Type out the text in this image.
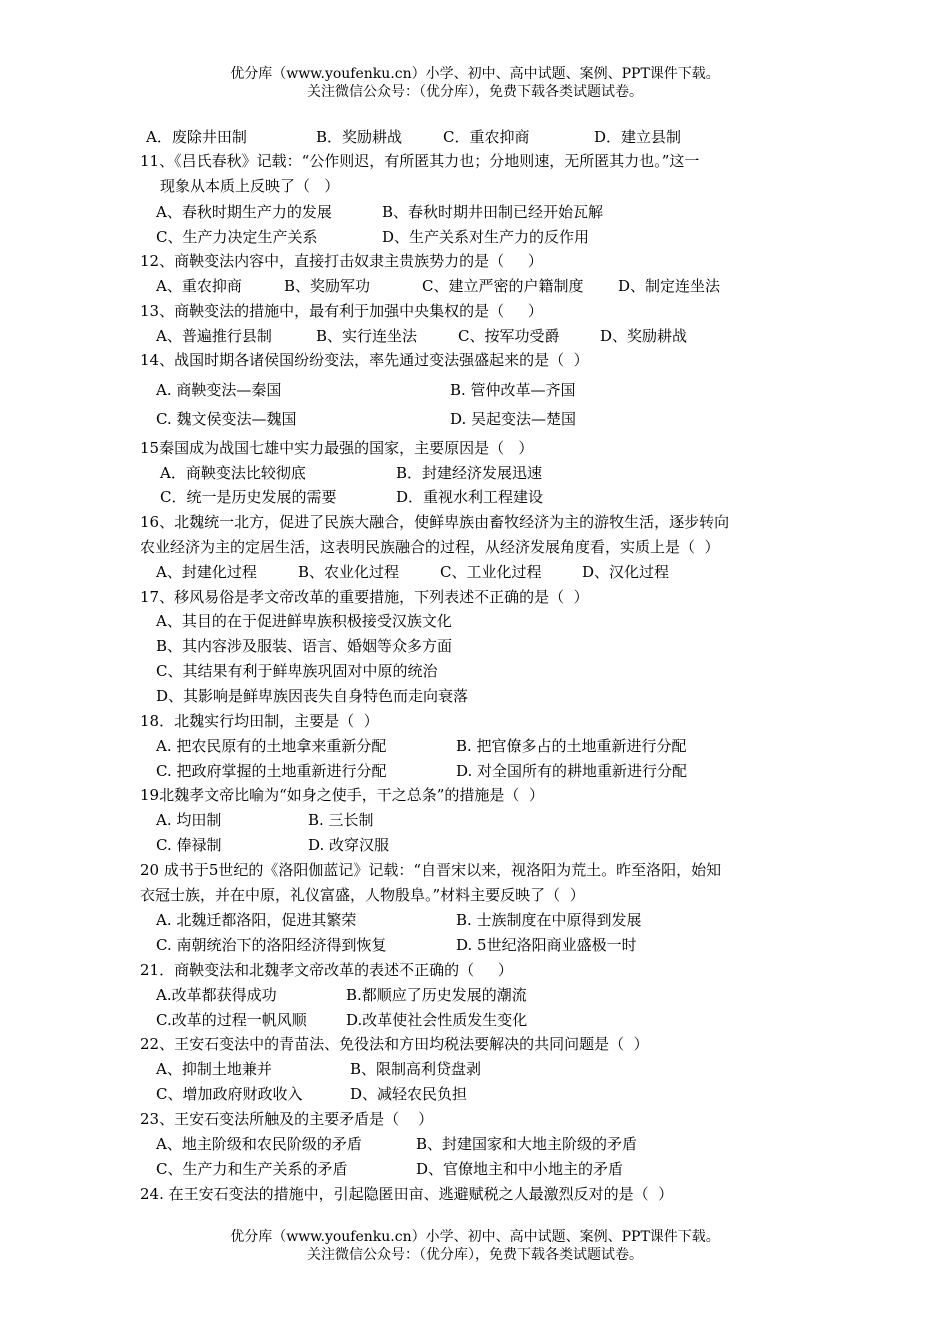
优分库（www.youfenku.cn）小学、初中、高中试题、案例、PPT课件下载。
关注微信公众号：（优分库），免费下载各类试题试卷。
A．废除井田制	B．奖励耕战	C．重农抑商	D．建立县制
11、《吕氏春秋》记载：“公作则迟，有所匿其力也；分地则速，无所匿其力也。”这一
现象从本质上反映了（   ）
A、春秋时期生产力的发展	B、春秋时期井田制已经开始瓦解
C、生产力决定生产关系	D、生产关系对生产力的反作用
12、商鞅变法内容中，直接打击奴隶主贵族势力的是（     ）
A、重农抑商	B、奖励军功	C、建立严密的户籍制度 D、制定连坐法
13、商鞅变法的措施中，最有利于加强中央集权的是（     ）
A、普遍推行县制	B、实行连坐法	C、按军功受爵	D、奖励耕战
14、战国时期各诸侯国纷纷变法，率先通过变法强盛起来的是（  ）
A. 商鞅变法—秦国	B. 管仲改革—齐国
C. 魏文侯变法—魏国	D. 吴起变法—楚国
15秦国成为战国七雄中实力最强的国家，主要原因是（   ）
A．商鞅变法比较彻底	B．封建经济发展迅速
C．统一是历史发展的需要	D．重视水利工程建设
16、北魏统一北方，促进了民族大融合，使鲜卑族由畜牧经济为主的游牧生活，逐步转向
农业经济为主的定居生活，这表明民族融合的过程，从经济发展角度看，实质上是（  ）
A、封建化过程	B、农业化过程	C、工业化过程	D、汉化过程
17、移风易俗是孝文帝改革的重要措施，下列表述不正确的是（  ）
A、其目的在于促进鲜卑族积极接受汉族文化
B、其内容涉及服装、语言、婚姻等众多方面
C、其结果有利于鲜卑族巩固对中原的统治
D、其影响是鲜卑族因丧失自身特色而走向衰落
18．北魏实行均田制，主要是（  ）
A. 把农民原有的土地拿来重新分配	B. 把官僚多占的土地重新进行分配
C. 把政府掌握的土地重新进行分配	D. 对全国所有的耕地重新进行分配
19北魏孝文帝比喻为“如身之使手，干之总条”的措施是（  ）
A. 均田制	B. 三长制
C. 俸禄制	D. 改穿汉服
20 成书于5世纪的《洛阳伽蓝记》记载：“自晋宋以来，视洛阳为荒土。昨至洛阳，始知
衣冠士族，并在中原，礼仪富盛，人物殷阜。”材料主要反映了（  ）
A. 北魏迁都洛阳，促进其繁荣	B. 士族制度在中原得到发展
C. 南朝统治下的洛阳经济得到恢复	D. 5世纪洛阳商业盛极一时
21．商鞅变法和北魏孝文帝改革的表述不正确的（     ）
A.改革都获得成功	B.都顺应了历史发展的潮流
C.改革的过程一帆风顺	D.改革使社会性质发生变化
22、王安石变法中的青苗法、免役法和方田均税法要解决的共同问题是（  ）
A、抑制土地兼并	B、限制高利贷盘剥
C、增加政府财政收入	D、减轻农民负担
23、王安石变法所触及的主要矛盾是（    ）
A、地主阶级和农民阶级的矛盾	B、封建国家和大地主阶级的矛盾
C、生产力和生产关系的矛盾	D、官僚地主和中小地主的矛盾
24. 在王安石变法的措施中，引起隐匿田亩、逃避赋税之人最激烈反对的是（  ）
优分库（www.youfenku.cn）小学、初中、高中试题、案例、PPT课件下载。
关注微信公众号：（优分库），免费下载各类试题试卷。
